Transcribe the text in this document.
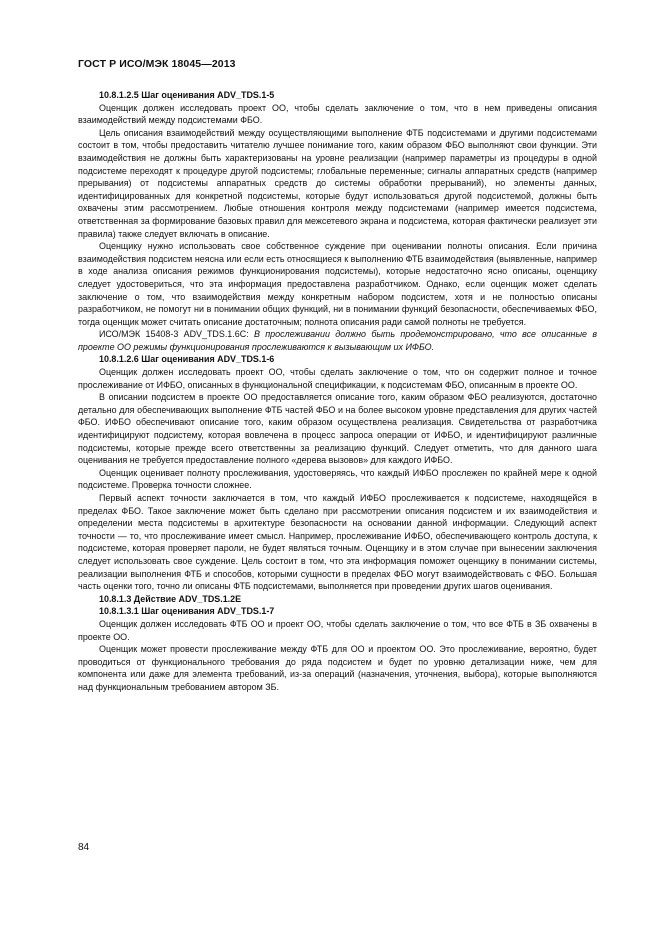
ГОСТ Р ИСО/МЭК 18045—2013
10.8.1.2.5 Шаг оценивания ADV_TDS.1-5

Оценщик должен исследовать проект ОО, чтобы сделать заключение о том, что в нем приведены описания взаимодействий между подсистемами ФБО.

Цель описания взаимодействий между осуществляющими выполнение ФТБ подсистемами и другими подсистемами состоит в том, чтобы предоставить читателю лучшее понимание того, каким образом ФБО выполняют свои функции. Эти взаимодействия не должны быть характеризованы на уровне реализации (например параметры из процедуры в одной подсистеме переходят к процедуре другой подсистемы; глобальные переменные; сигналы аппаратных средств (например прерывания) от подсистемы аппаратных средств до системы обработки прерываний), но элементы данных, идентифицированных для конкретной подсистемы, которые будут использоваться другой подсистемой, должны быть охвачены этим рассмотрением. Любые отношения контроля между подсистемами (например имеется подсистема, ответственная за формирование базовых правил для межсетевого экрана и подсистема, которая фактически реализует эти правила) также следует включать в описание.

Оценщику нужно использовать свое собственное суждение при оценивании полноты описания. Если причина взаимодействия подсистем неясна или если есть относящиеся к выполнению ФТБ взаимодействия (выявленные, например в ходе анализа описания режимов функционирования подсистемы), которые недостаточно ясно описаны, оценщику следует удостовериться, что эта информация предоставлена разработчиком. Однако, если оценщик может сделать заключение о том, что взаимодействия между конкретным набором подсистем, хотя и не полностью описаны разработчиком, не помогут ни в понимании общих функций, ни в понимании функций безопасности, обеспечиваемых ФБО, тогда оценщик может считать описание достаточным; полнота описания ради самой полноты не требуется.

ИСО/МЭК 15408-3 ADV_TDS.1.6C: В прослеживании должно быть продемонстрировано, что все описанные в проекте ОО режимы функционирования прослеживаются к вызывающим их ИФБО.

10.8.1.2.6 Шаг оценивания ADV_TDS.1-6

Оценщик должен исследовать проект ОО, чтобы сделать заключение о том, что он содержит полное и точное прослеживание от ИФБО, описанных в функциональной спецификации, к подсистемам ФБО, описанным в проекте ОО.

В описании подсистем в проекте ОО предоставляется описание того, каким образом ФБО реализуются, достаточно детально для обеспечивающих выполнение ФТБ частей ФБО и на более высоком уровне представления для других частей ФБО. ИФБО обеспечивают описание того, каким образом осуществлена реализация. Свидетельства от разработчика идентифицируют подсистему, которая вовлечена в процесс запроса операции от ИФБО, и идентифицируют различные подсистемы, которые прежде всего ответственны за реализацию функций. Следует отметить, что для данного шага оценивания не требуется предоставление полного «дерева вызовов» для каждого ИФБО.

Оценщик оценивает полноту прослеживания, удостоверяясь, что каждый ИФБО прослежен по крайней мере к одной подсистеме. Проверка точности сложнее.

Первый аспект точности заключается в том, что каждый ИФБО прослеживается к подсистеме, находящейся в пределах ФБО. Такое заключение может быть сделано при рассмотрении описания подсистем и их взаимодействия и определении места подсистемы в архитектуре безопасности на основании данной информации. Следующий аспект точности — то, что прослеживание имеет смысл. Например, прослеживание ИФБО, обеспечивающего контроль доступа, к подсистеме, которая проверяет пароли, не будет являться точным. Оценщику и в этом случае при вынесении заключения следует использовать свое суждение. Цель состоит в том, что эта информация поможет оценщику в понимании системы, реализации выполнения ФТБ и способов, которыми сущности в пределах ФБО могут взаимодействовать с ФБО. Большая часть оценки того, точно ли описаны ФТБ подсистемами, выполняется при проведении других шагов оценивания.

10.8.1.3 Действие ADV_TDS.1.2E
10.8.1.3.1 Шаг оценивания ADV_TDS.1-7

Оценщик должен исследовать ФТБ ОО и проект ОО, чтобы сделать заключение о том, что все ФТБ в ЗБ охвачены в проекте ОО.

Оценщик может провести прослеживание между ФТБ для ОО и проектом ОО. Это прослеживание, вероятно, будет проводиться от функционального требования до ряда подсистем и будет по уровню детализации ниже, чем для компонента или даже для элемента требований, из-за операций (назначения, уточнения, выбора), которые выполняются над функциональным требованием автором ЗБ.

84
